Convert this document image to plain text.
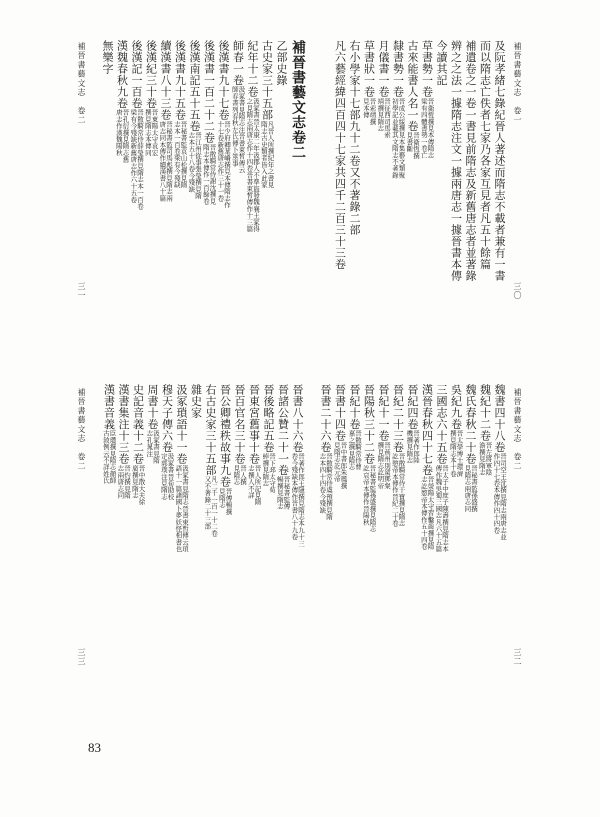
及阮孝緒七錄紀晉人著述而隋志不載者兼有一書
而以隋志亡佚者七家乃各家互見者凡五十餘篇
補遺卷之一卷一書見前隋志及新舊唐志者並著錄
辨之之法一據隋志注文一據兩唐志一據晉書本傳
今讀其記
草書勢一卷晉衛恆撰見本傳隋志梁有四體書勢一卷亡
古來能書人名一卷晉衛恆撰見書斷
隸書勢一卷晉成公綏撰見本集藝文類聚初學記並載其文隋志不著錄
月儀書一卷晉征西司馬索靖撰見隋志
草書狀一卷晉索靖撰見本傳
右小學家十七部九十二卷又不著錄二部
凡六藝經緯四百四十七家共四千二百三十三卷
補晉書藝文志卷二
乙部史錄
古史家三十五部凡晉人所撰紀年之書見隋志古史類者皆入此家
紀年十二卷汲冢書晉太康二年汲郡人不準盜發魏襄王冢得之見隋志兩唐志作十四卷晉書束皙傳作十三篇
師春一卷汲冢書見隋志注晉書束皙傳云師春書列春秋左氏傳卜筮事
後漢書九十七卷晉少府卿華嶠撰見本傳隋志作十七卷新舊唐志作三十一卷
後漢書一百二十二卷晉散騎常侍謝沈撰見隋志本傳作一百餘卷
後漢南記五十五卷晉江州從事張瑩撰見隋志本五十八卷今殘缺
後漢書九十五卷晉秘書監袁山松撰見隋志本一百卷梁有今殘缺
續漢書八十三卷晉秘書監司馬彪撰見隋志兩唐志同本傳作續漢書八十篇
後漢紀三十卷晉東陽太守袁宏撰見隋志本傳同
後漢記一百卷晉散騎常侍薛瑩撰見隋志本一百卷梁有今殘缺新舊唐志作六十五卷
漢魏春秋九卷晉孔衍撰見隋志舊唐志作漢魏陽秋
無樂字
魏書四十八卷晉司空王沈撰見隋志兩唐志並作四十七卷本傳作四十四卷
魏紀十二卷晉左將軍陰澹撰見隋志
魏氏春秋二十卷晉秘書監孫盛撰見隋志兩唐志同
吳紀九卷晉太學博士環濟撰見隋志本十卷
三國志六十五卷晉太子中庶子陳壽撰見隋志本傳作魏吳蜀三國志凡六十五篇
漢晉春秋四十七卷晉滎陽太守習鑿齒撰見隋志訖愍帝本傳作五十四卷
晉紀四卷晉著作郎陸機撰見隋志
晉紀二十三卷晉散騎常侍干寶撰見隋志訖愍帝本傳作晉紀二十卷
晉紀十一卷晉荊州別駕鄧粲撰見隋志訖明帝
晉陽秋三十二卷晉秘書監孫盛撰見隋志訖哀帝本傳作晉陽秋
晉紀十卷晉散騎常侍曹嘉之撰見隋志
晉書十四卷晉中書郎朱鳳撰見隋志訖元帝
晉書二十六卷晉散騎常侍虞預撰見隋志本四十四卷今殘缺
晉書八十六卷晉著作郎王隱撰見隋志本九十三卷今殘缺本傳作晉書八十九卷
晉諸公贊二十一卷晉秘書監傅暢撰見隋志
晉後略記五卷晉下邳太守荀綽撰見隋志
晉東宮舊事十卷晉人所記見隋志撰人不詳
晉百官名三十卷晉人撰見隋志
晉公卿禮秩故事九卷晉傅暢撰見隋志
右古史家三十五部凡二千一百一十二卷又不著錄二十三部
雜史家
汲冢瑣語十一卷汲冢書見隋志晉書束皙傳云瑣語十一篇諸國卜夢妖怪相書也
穆天子傳六卷汲冢書晉荀勖校定郭璞注見隋志
周書十卷汲冢書見隋志孔晁注
史記音義十二卷晉中散大夫徐廣撰見隋志
漢書集注十三卷晉灼撰見隋志兩唐志同
漢書音義臣瓚撰見隋志顏師古敘例云不詳姓氏
補晉書藝文志　卷一
三〇
補晉書藝文志　卷二
三一
補晉書藝文志　卷二
三二
補晉書藝文志　卷二
三三
83
